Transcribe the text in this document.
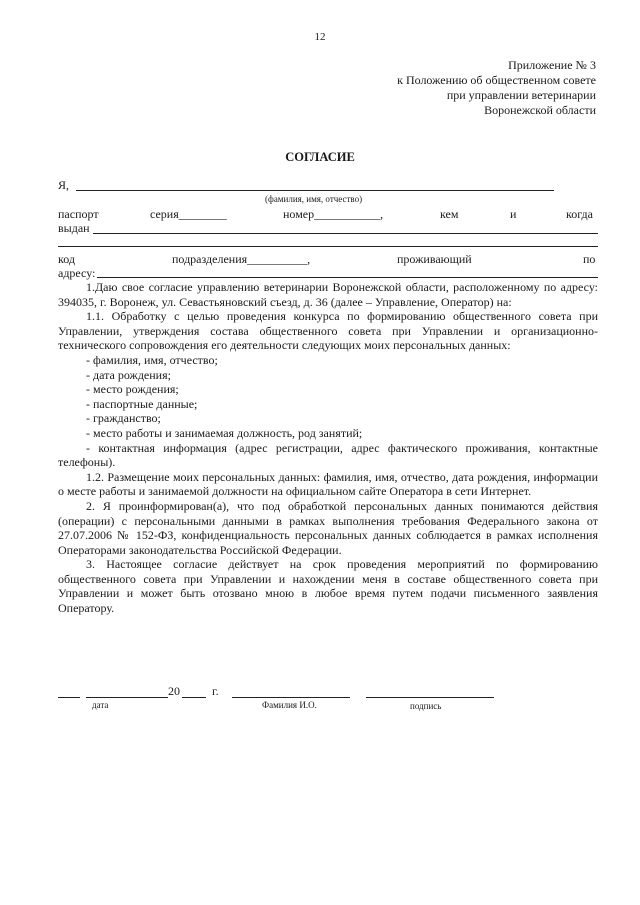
12
Приложение № 3
к Положению об общественном совете
при управлении ветеринарии
Воронежской области
СОГЛАСИЕ
Я,
(фамилия, имя, отчество)
паспорт	серия________	номер___________,	кем	и	когда
выдан
код	подразделения__________,	проживающий	по
адресу:

1.Даю свое согласие управлению ветеринарии Воронежской области, расположенному по адресу: 394035, г. Воронеж, ул. Севастьяновский съезд, д. 36 (далее – Управление, Оператор) на:

1.1. Обработку с целью проведения конкурса по формированию общественного совета при Управлении, утверждения состава общественного совета при Управлении и организационно-технического сопровождения его деятельности следующих моих персональных данных:

- фамилия, имя, отчество;

- дата рождения;

- место рождения;

- паспортные данные;

- гражданство;

- место работы и занимаемая должность, род занятий;

- контактная информация (адрес регистрации, адрес фактического проживания, контактные телефоны).

1.2. Размещение моих персональных данных: фамилия, имя, отчество, дата рождения, информации о месте работы и занимаемой должности на официальном сайте Оператора в сети Интернет.

2. Я проинформирован(а), что под обработкой персональных данных понимаются действия (операции) с персональными данными в рамках выполнения требования Федерального закона от 27.07.2006 № 152-ФЗ, конфиденциальность персональных данных соблюдается в рамках исполнения Операторами законодательства Российской Федерации.

3. Настоящее согласие действует на срок проведения мероприятий по формированию общественного совета при Управлении и нахождении меня в составе общественного совета при Управлении и может быть отозвано мною в любое время путем подачи письменного заявления Оператору.

20	г.
дата	Фамилия И.О.	подпись
